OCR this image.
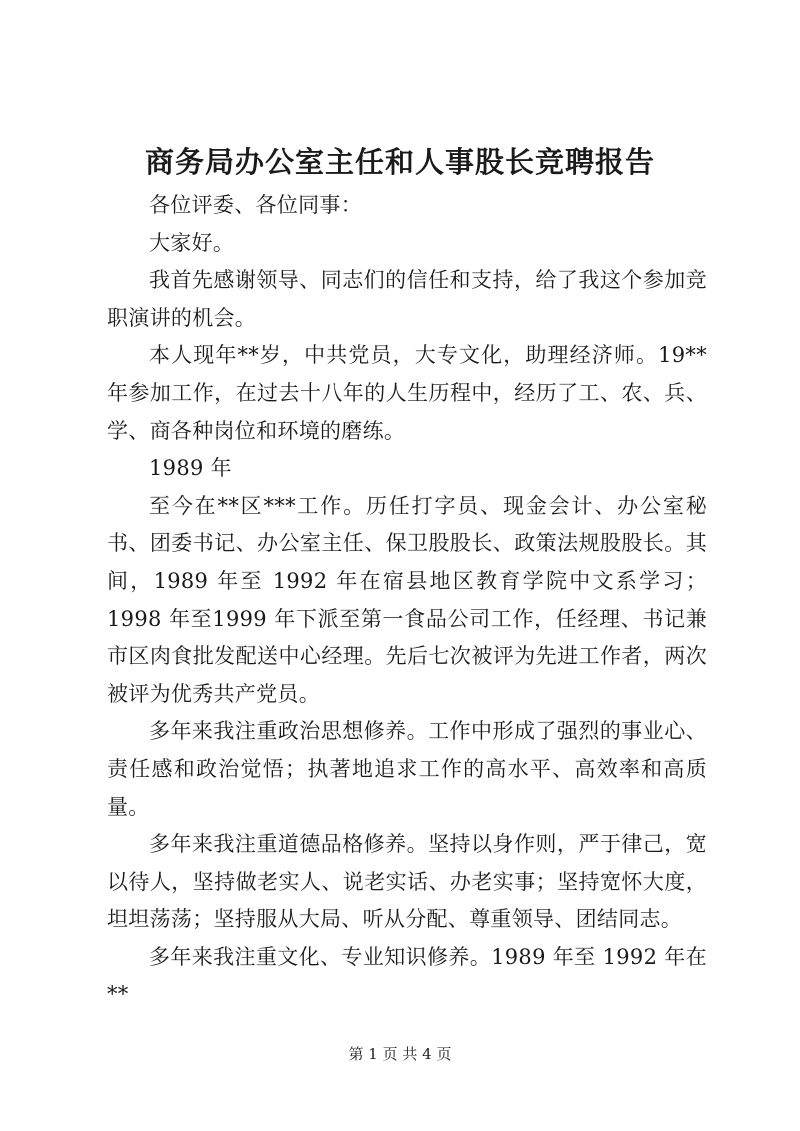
商务局办公室主任和人事股长竞聘报告

各位评委、各位同事：

大家好。

我首先感谢领导、同志们的信任和支持，给了我这个参加竞职演讲的机会。

本人现年**岁，中共党员，大专文化，助理经济师。19**年参加工作，在过去十八年的人生历程中，经历了工、农、兵、学、商各种岗位和环境的磨练。

1989 年

至今在**区***工作。历任打字员、现金会计、办公室秘书、团委书记、办公室主任、保卫股股长、政策法规股股长。其间，1989 年至 1992 年在宿县地区教育学院中文系学习；1998 年至1999 年下派至第一食品公司工作，任经理、书记兼市区肉食批发配送中心经理。先后七次被评为先进工作者，两次被评为优秀共产党员。

多年来我注重政治思想修养。工作中形成了强烈的事业心、责任感和政治觉悟；执著地追求工作的高水平、高效率和高质量。

多年来我注重道德品格修养。坚持以身作则，严于律己，宽以待人，坚持做老实人、说老实话、办老实事；坚持宽怀大度，坦坦荡荡；坚持服从大局、听从分配、尊重领导、团结同志。

多年来我注重文化、专业知识修养。1989 年至 1992 年在**

第 1 页 共 4 页
